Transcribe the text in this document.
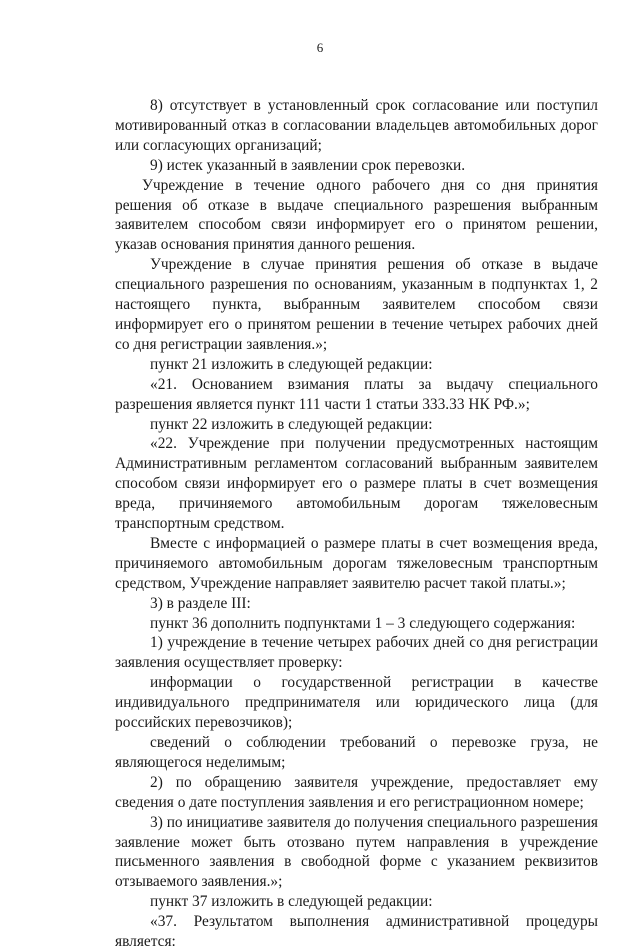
6

8) отсутствует в установленный срок согласование или поступил мотивированный отказ в согласовании владельцев автомобильных дорог или согласующих организаций;

9) истек указанный в заявлении срок перевозки.

Учреждение в течение одного рабочего дня со дня принятия решения об отказе в выдаче специального разрешения выбранным заявителем способом связи информирует его о принятом решении, указав основания принятия данного решения.

Учреждение в случае принятия решения об отказе в выдаче специального разрешения по основаниям, указанным в подпунктах 1, 2 настоящего пункта, выбранным заявителем способом связи информирует его о принятом решении в течение четырех рабочих дней со дня регистрации заявления.»;

пункт 21 изложить в следующей редакции:

«21. Основанием взимания платы за выдачу специального разрешения является пункт 111 части 1 статьи 333.33 НК РФ.»;

пункт 22 изложить в следующей редакции:

«22. Учреждение при получении предусмотренных настоящим Административным регламентом согласований выбранным заявителем способом связи информирует его о размере платы в счет возмещения вреда, причиняемого автомобильным дорогам тяжеловесным транспортным средством.

Вместе с информацией о размере платы в счет возмещения вреда, причиняемого автомобильным дорогам тяжеловесным транспортным средством, Учреждение направляет заявителю расчет такой платы.»;

3) в разделе III:

пункт 36 дополнить подпунктами 1 – 3 следующего содержания:

1) учреждение в течение четырех рабочих дней со дня регистрации заявления осуществляет проверку:

информации о государственной регистрации в качестве индивидуального предпринимателя или юридического лица (для российских перевозчиков);

сведений о соблюдении требований о перевозке груза, не являющегося неделимым;

2) по обращению заявителя учреждение, предоставляет ему сведения о дате поступления заявления и его регистрационном номере;

3) по инициативе заявителя до получения специального разрешения заявление может быть отозвано путем направления в учреждение письменного заявления в свободной форме с указанием реквизитов отзываемого заявления.»;

пункт 37 изложить в следующей редакции:

«37. Результатом выполнения административной процедуры является:
